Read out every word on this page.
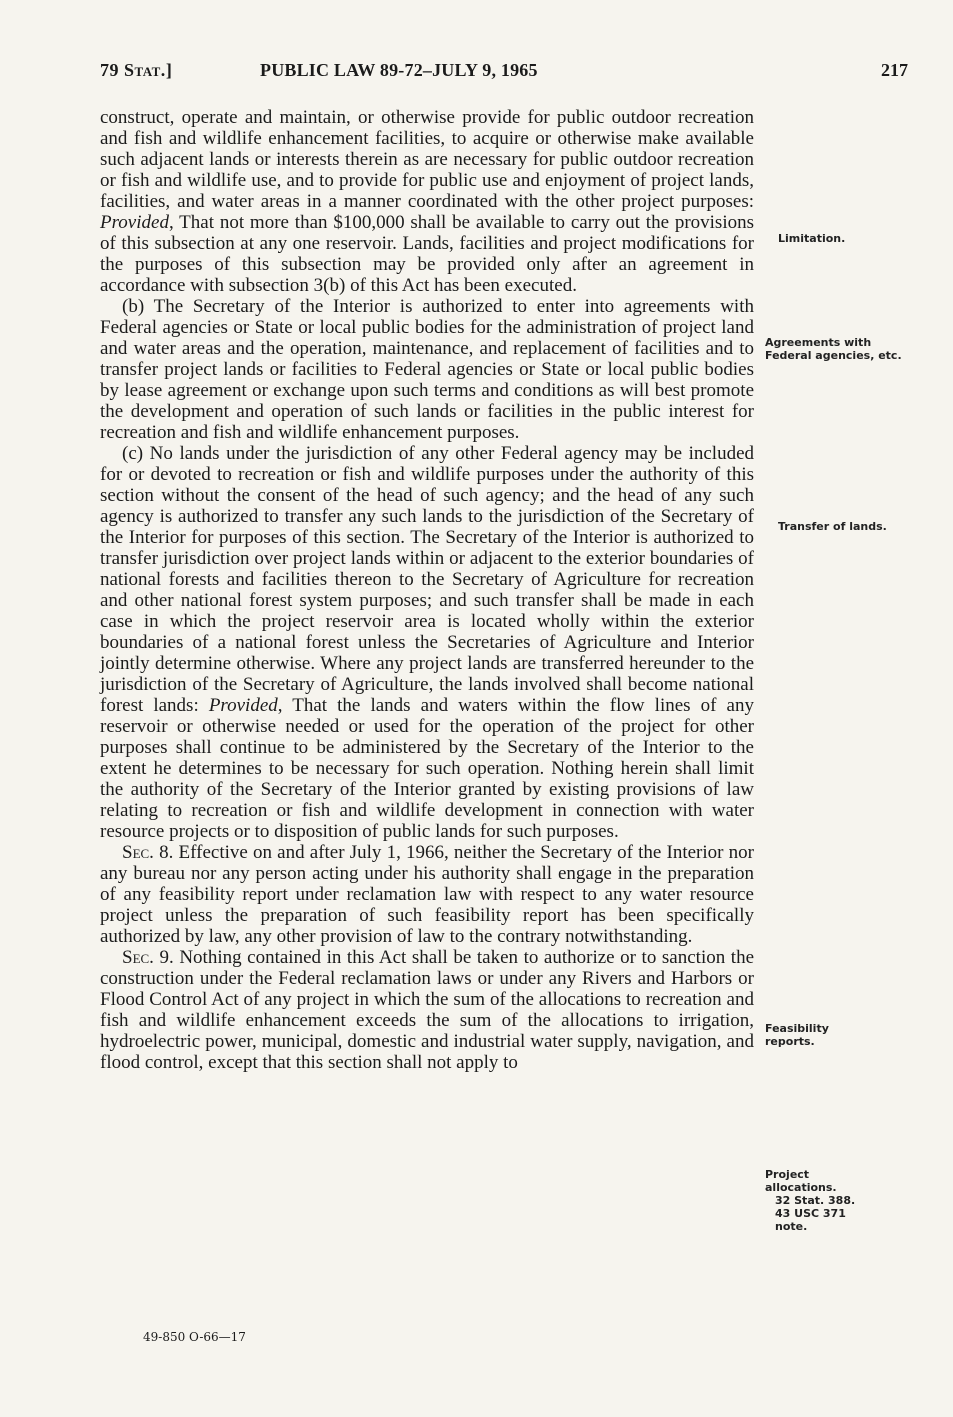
79 Stat.]	PUBLIC LAW 89-72–JULY 9, 1965	217

construct, operate and maintain, or otherwise provide for public outdoor recreation and fish and wildlife enhancement facilities, to acquire or otherwise make available such adjacent lands or interests therein as are necessary for public outdoor recreation or fish and wildlife use, and to provide for public use and enjoyment of project lands, facilities, and water areas in a manner coordinated with the other project purposes: Provided, That not more than $100,000 shall be available to carry out the provisions of this subsection at any one reservoir. Lands, facilities and project modifications for the purposes of this subsection may be provided only after an agreement in accordance with subsection 3(b) of this Act has been executed.

(b) The Secretary of the Interior is authorized to enter into agreements with Federal agencies or State or local public bodies for the administration of project land and water areas and the operation, maintenance, and replacement of facilities and to transfer project lands or facilities to Federal agencies or State or local public bodies by lease agreement or exchange upon such terms and conditions as will best promote the development and operation of such lands or facilities in the public interest for recreation and fish and wildlife enhancement purposes.

(c) No lands under the jurisdiction of any other Federal agency may be included for or devoted to recreation or fish and wildlife purposes under the authority of this section without the consent of the head of such agency; and the head of any such agency is authorized to transfer any such lands to the jurisdiction of the Secretary of the Interior for purposes of this section. The Secretary of the Interior is authorized to transfer jurisdiction over project lands within or adjacent to the exterior boundaries of national forests and facilities thereon to the Secretary of Agriculture for recreation and other national forest system purposes; and such transfer shall be made in each case in which the project reservoir area is located wholly within the exterior boundaries of a national forest unless the Secretaries of Agriculture and Interior jointly determine otherwise. Where any project lands are transferred hereunder to the jurisdiction of the Secretary of Agriculture, the lands involved shall become national forest lands: Provided, That the lands and waters within the flow lines of any reservoir or otherwise needed or used for the operation of the project for other purposes shall continue to be administered by the Secretary of the Interior to the extent he determines to be necessary for such operation. Nothing herein shall limit the authority of the Secretary of the Interior granted by existing provisions of law relating to recreation or fish and wildlife development in connection with water resource projects or to disposition of public lands for such purposes.

Sec. 8. Effective on and after July 1, 1966, neither the Secretary of the Interior nor any bureau nor any person acting under his authority shall engage in the preparation of any feasibility report under reclamation law with respect to any water resource project unless the preparation of such feasibility report has been specifically authorized by law, any other provision of law to the contrary notwithstanding.

Sec. 9. Nothing contained in this Act shall be taken to authorize or to sanction the construction under the Federal reclamation laws or under any Rivers and Harbors or Flood Control Act of any project in which the sum of the allocations to recreation and fish and wildlife enhancement exceeds the sum of the allocations to irrigation, hydroelectric power, municipal, domestic and industrial water supply, navigation, and flood control, except that this section shall not apply to

Limitation.
Agreements with Federal agencies, etc.
Transfer of lands.
Feasibility reports.
Project allocations.
32 Stat. 388.
43 USC 371 note.
49-850 O-66—17
